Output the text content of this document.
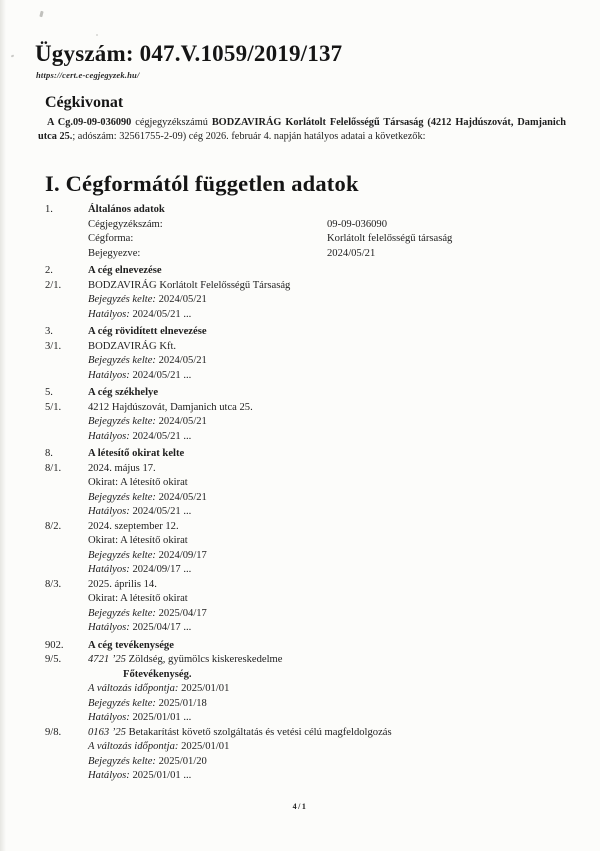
Ügyszám: 047.V.1059/2019/137
https://cert.e-cegjegyzek.hu/
Cégkivonat

A Cg.09-09-036090 cégjegyzékszámú BODZAVIRÁG Korlátolt Felelősségű Társaság (4212 Hajdúszovát, Damjanich utca 25.; adószám: 32561755-2-09) cég 2026. február 4. napján hatályos adatai a következők:

I. Cégformától független adatok
1.	Általános adatok
Cégjegyzékszám:	09-09-036090
Cégforma:	Korlátolt felelősségű társaság
Bejegyezve:	2024/05/21
2.	A cég elnevezése
2/1.	BODZAVIRÁG Korlátolt Felelősségű Társaság
Bejegyzés kelte: 2024/05/21
Hatályos: 2024/05/21 ...
3.	A cég rövidített elnevezése
3/1.	BODZAVIRÁG Kft.
Bejegyzés kelte: 2024/05/21
Hatályos: 2024/05/21 ...
5.	A cég székhelye
5/1.	4212 Hajdúszovát, Damjanich utca 25.
Bejegyzés kelte: 2024/05/21
Hatályos: 2024/05/21 ...
8.	A létesítő okirat kelte
8/1.	2024. május 17.
Okirat: A létesítő okirat
Bejegyzés kelte: 2024/05/21
Hatályos: 2024/05/21 ...
8/2.	2024. szeptember 12.
Okirat: A létesítő okirat
Bejegyzés kelte: 2024/09/17
Hatályos: 2024/09/17 ...
8/3.	2025. április 14.
Okirat: A létesítő okirat
Bejegyzés kelte: 2025/04/17
Hatályos: 2025/04/17 ...
902.	A cég tevékenysége
9/5.	4721 ’25 Zöldség, gyümölcs kiskereskedelme
Főtevékenység.
A változás időpontja: 2025/01/01
Bejegyzés kelte: 2025/01/18
Hatályos: 2025/01/01 ...
9/8.	0163 ’25 Betakarítást követő szolgáltatás és vetési célú magfeldolgozás
A változás időpontja: 2025/01/01
Bejegyzés kelte: 2025/01/20
Hatályos: 2025/01/01 ...
4/1
